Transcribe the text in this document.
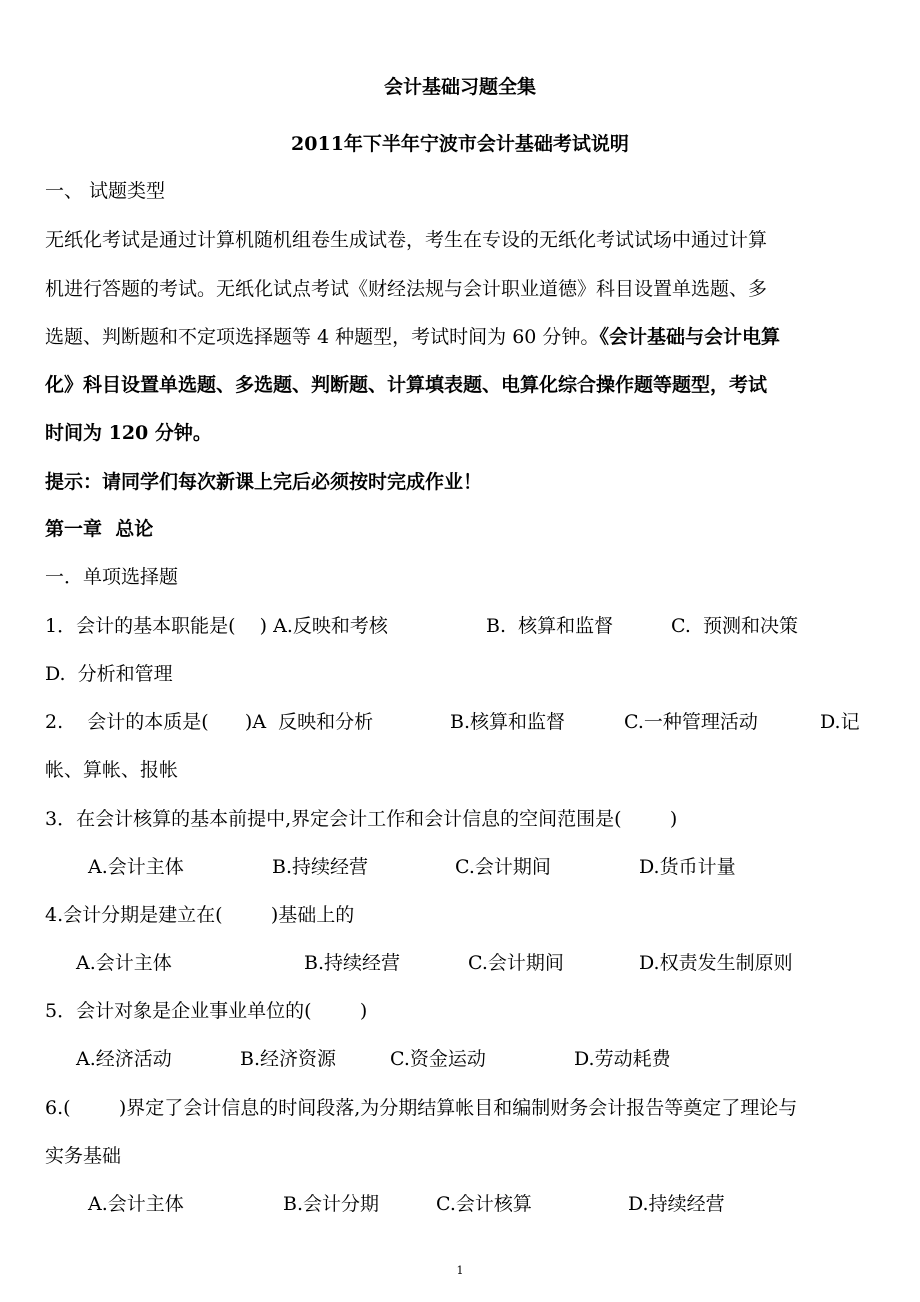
会计基础习题全集
2011年下半年宁波市会计基础考试说明
一、 试题类型
无纸化考试是通过计算机随机组卷生成试卷，考生在专设的无纸化考试试场中通过计算
机进行答题的考试。无纸化试点考试《财经法规与会计职业道德》科目设置单选题、多
选题、判断题和不定项选择题等 4 种题型，考试时间为 60 分钟。《会计基础与会计电算
化》科目设置单选题、多选题、判断题、计算填表题、电算化综合操作题等题型，考试
时间为 120 分钟。
提示：请同学们每次新课上完后必须按时完成作业！
第一章  总论
一．单项选择题
1．会计的基本职能是(    ) A.反映和考核	B.  核算和监督	C.  预测和决策
D.  分析和管理
2.    会计的本质是(      )A  反映和分析	B.核算和监督	C.一种管理活动	D.记
帐、算帐、报帐
3．在会计核算的基本前提中,界定会计工作和会计信息的空间范围是(        )
A.会计主体	B.持续经营	C.会计期间	D.货币计量
4.会计分期是建立在(        )基础上的
A.会计主体	B.持续经营	C.会计期间	D.权责发生制原则
5．会计对象是企业事业单位的(        )
A.经济活动	B.经济资源	C.资金运动	D.劳动耗费
6.(        )界定了会计信息的时间段落,为分期结算帐目和编制财务会计报告等奠定了理论与
实务基础
A.会计主体	B.会计分期	C.会计核算	D.持续经营
1
